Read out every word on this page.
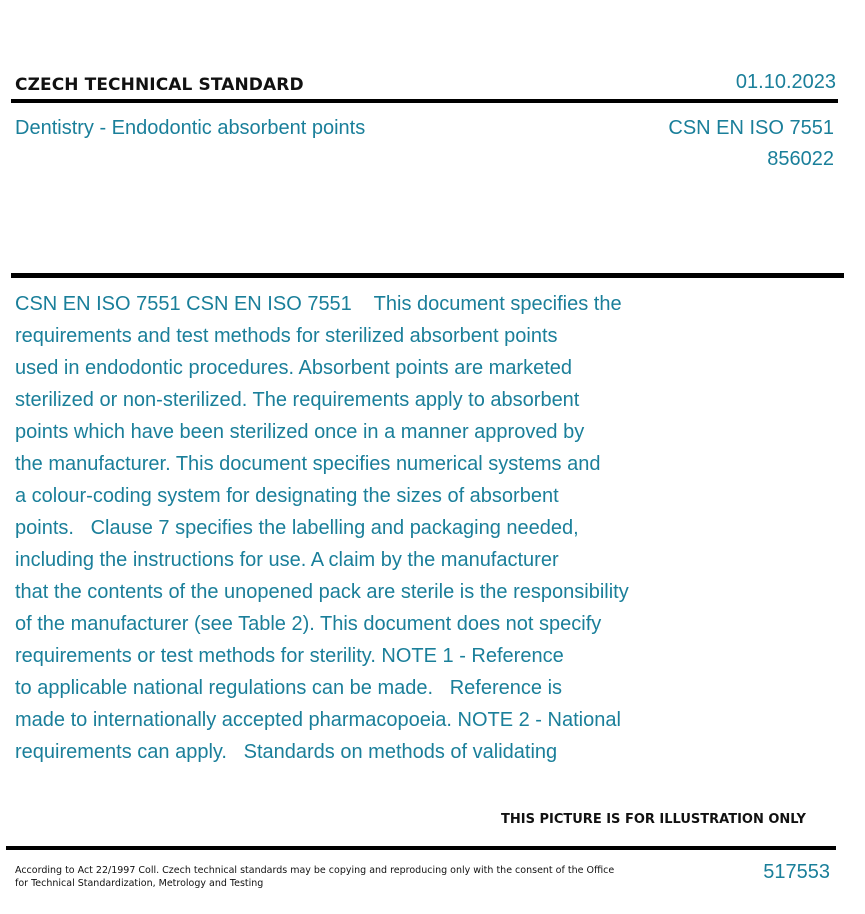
CZECH TECHNICAL STANDARD	01.10.2023
Dentistry - Endodontic absorbent points	CSN EN ISO 7551
856022
CSN EN ISO 7551 CSN EN ISO 7551    This document specifies the
requirements and test methods for sterilized absorbent points
used in endodontic procedures. Absorbent points are marketed
sterilized or non-sterilized. The requirements apply to absorbent
points which have been sterilized once in a manner approved by
the manufacturer. This document specifies numerical systems and
a colour-coding system for designating the sizes of absorbent
points.   Clause 7 specifies the labelling and packaging needed,
including the instructions for use. A claim by the manufacturer
that the contents of the unopened pack are sterile is the responsibility
of the manufacturer (see Table 2). This document does not specify
requirements or test methods for sterility. NOTE 1 - Reference
to applicable national regulations can be made.   Reference is
made to internationally accepted pharmacopoeia. NOTE 2 - National
requirements can apply.   Standards on methods of validating
THIS PICTURE IS FOR ILLUSTRATION ONLY
According to Act 22/1997 Coll. Czech technical standards may be copying and reproducing only with the consent of the Office
for Technical Standardization, Metrology and Testing
517553
